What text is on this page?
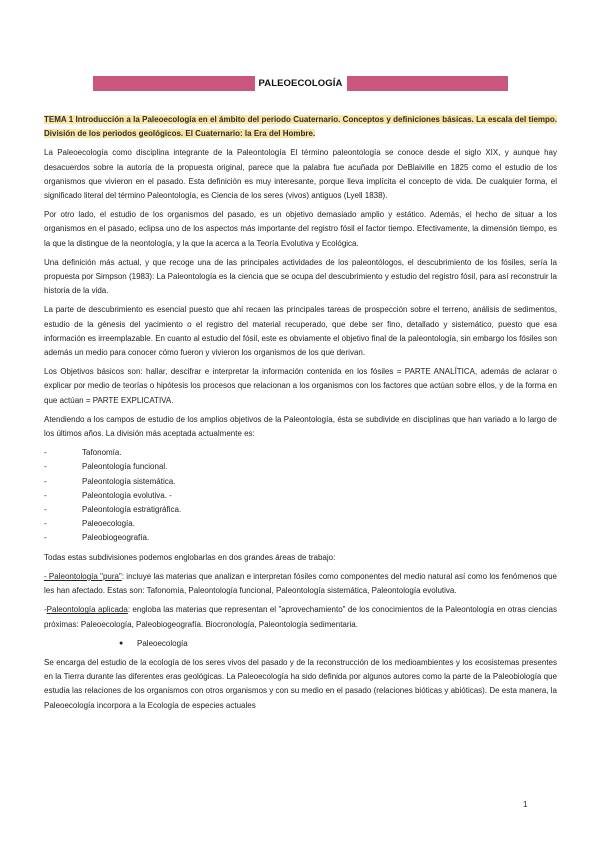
PALEOECOLOGÍA

TEMA 1 Introducción a la Paleoecología en el ámbito del periodo Cuaternario. Conceptos y definiciones básicas. La escala del tiempo. División de los periodos geológicos. El Cuaternario: la Era del Hombre.

La Paleoecología como disciplina integrante de la Paleontología El término paleontología se conoce desde el siglo XIX, y aunque hay desacuerdos sobre la autoría de la propuesta original, parece que la palabra fue acuñada por DeBlaiville en 1825 como el estudio de los organismos que vivieron en el pasado. Esta definición es muy interesante, porque lleva implícita el concepto de vida. De cualquier forma, el significado literal del término Paleontología, es Ciencia de los seres (vivos) antiguos (Lyell 1838).

Por otro lado, el estudio de los organismos del pasado, es un objetivo demasiado amplio y estático. Además, el hecho de situar a los organismos en el pasado, eclipsa uno de los aspectos más importante del registro fósil el factor tiempo. Efectivamente, la dimensión tiempo, es la que la distingue de la neontología, y la que la acerca a la Teoría Evolutiva y Ecológica.

Una definición más actual, y que recoge una de las principales actividades de los paleontólogos, el descubrimiento de los fósiles, sería la propuesta por Simpson (1983): La Paleontología es la ciencia que se ocupa del descubrimiento y estudio del registro fósil, para así reconstruir la historia de la vida.

La parte de descubrimiento es esencial puesto que ahí recaen las principales tareas de prospección sobre el terreno, análisis de sedimentos, estudio de la génesis del yacimiento o el registro del material recuperado, que debe ser fino, detallado y sistemático, puesto que esa información es irreemplazable. En cuanto al estudio del fósil, este es obviamente el objetivo final de la paleontología, sin embargo los fósiles son además un medio para conocer cómo fueron y vivieron los organismos de los que derivan.

Los Objetivos básicos son: hallar, descifrar e interpretar la información contenida en los fósiles = PARTE ANALÍTICA, además de aclarar o explicar por medio de teorías o hipótesis los procesos que relacionan a los organismos con los factores que actúan sobre ellos, y de la forma en que actúan = PARTE EXPLICATIVA.

Atendiendo a los campos de estudio de los amplios objetivos de la Paleontología, ésta se subdivide en disciplinas que han variado a lo largo de los últimos años. La división más aceptada actualmente es:

-	Tafonomía.
-	Paleontología funcional.
-	Paleontología sistemática.
-	Paleontología evolutiva. -
-	Paleontología estratigráfica.
-	Paleoecología.
-	Paleobiogeografía.

Todas estas subdivisiones podemos englobarlas en dos grandes áreas de trabajo:

- Paleontología "pura": incluye las materias que analizan e interpretan fósiles como componentes del medio natural así como los fenómenos que les han afectado. Estas son: Tafonomía, Paleontología funcional, Paleontología sistemática, Paleontología evolutiva.

-Paleontología aplicada: engloba las materias que representan el "aprovechamiento" de los conocimientos de la Paleontología en otras ciencias próximas: Paleoecología, Paleobiogeografía. Biocronología, Paleontología sedimentaria.

●	Paleoecología

Se encarga del estudio de la ecología de los seres vivos del pasado y de la reconstrucción de los medioambientes y los ecosistemas presentes en la Tierra durante las diferentes eras geológicas. La Paleoecología ha sido definida por algunos autores como la parte de la Paleobiología que estudia las relaciones de los organismos con otros organismos y con su medio en el pasado (relaciones bióticas y abióticas). De esta manera, la Paleoecología incorpora a la Ecología de especies actuales

1
